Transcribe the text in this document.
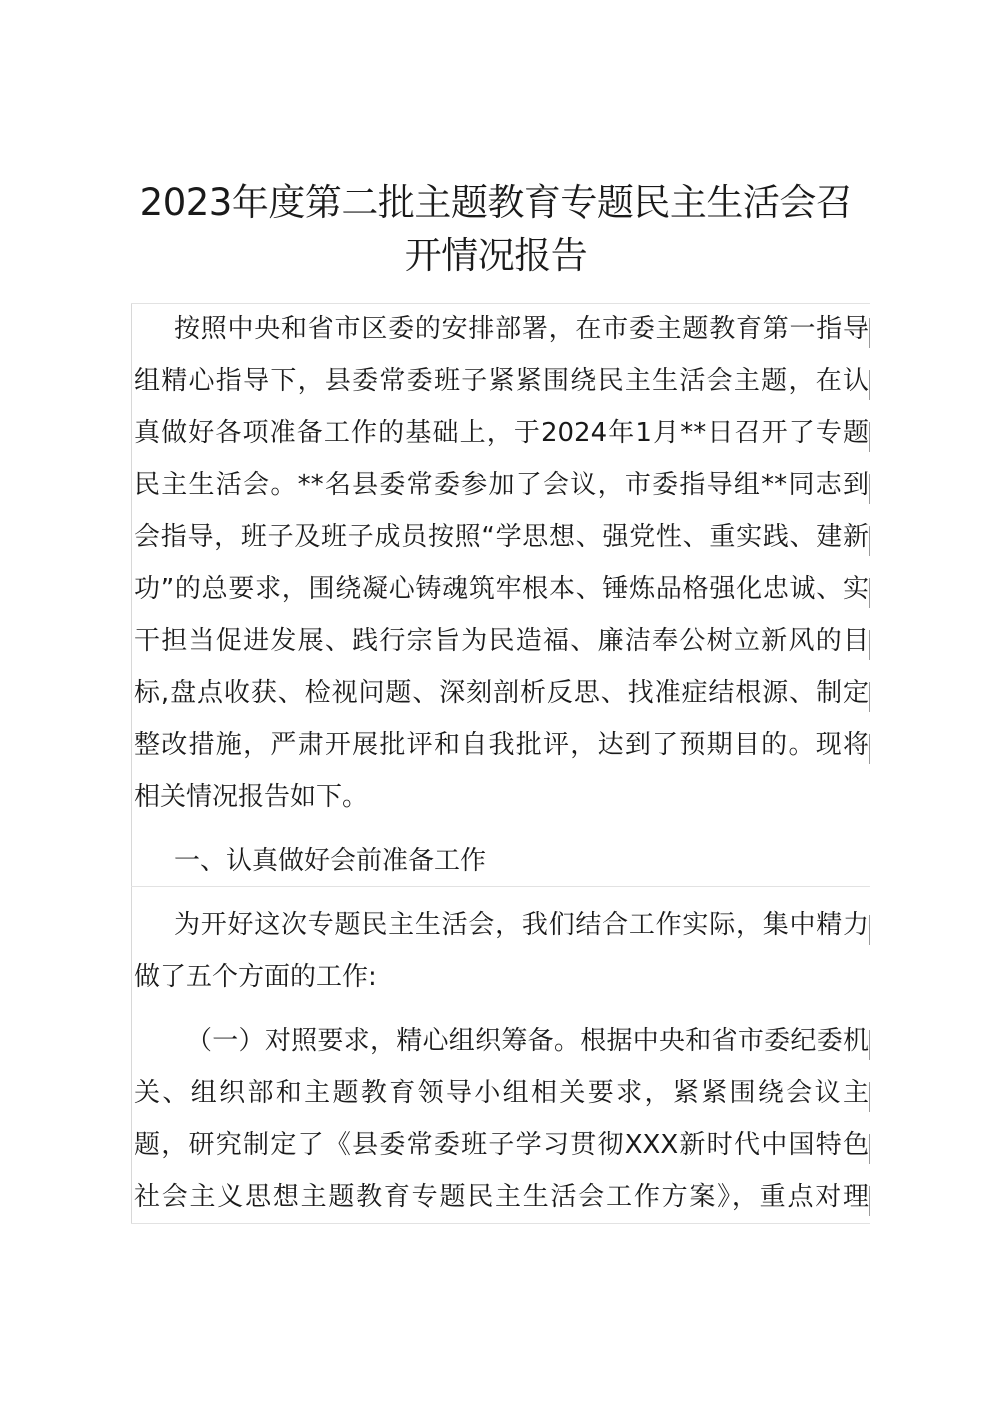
2023年度第二批主题教育专题民主生活会召
开情况报告
按照中央和省市区委的安排部署，在市委主题教育第一指导
组精心指导下，县委常委班子紧紧围绕民主生活会主题，在认
真做好各项准备工作的基础上，于2024年1月**日召开了专题
民主生活会。**名县委常委参加了会议，市委指导组**同志到
会指导，班子及班子成员按照“学思想、强党性、重实践、建新
功”的总要求，围绕凝心铸魂筑牢根本、锤炼品格强化忠诚、实
干担当促进发展、践行宗旨为民造福、廉洁奉公树立新风的目
标,盘点收获、检视问题、深刻剖析反思、找准症结根源、制定
整改措施，严肃开展批评和自我批评，达到了预期目的。现将
相关情况报告如下。
一、认真做好会前准备工作
为开好这次专题民主生活会，我们结合工作实际，集中精力
做了五个方面的工作:
（一）对照要求，精心组织筹备。根据中央和省市委纪委机
关、组织部和主题教育领导小组相关要求，紧紧围绕会议主
题，研究制定了《县委常委班子学习贯彻XXX新时代中国特色
社会主义思想主题教育专题民主生活会工作方案》，重点对理
